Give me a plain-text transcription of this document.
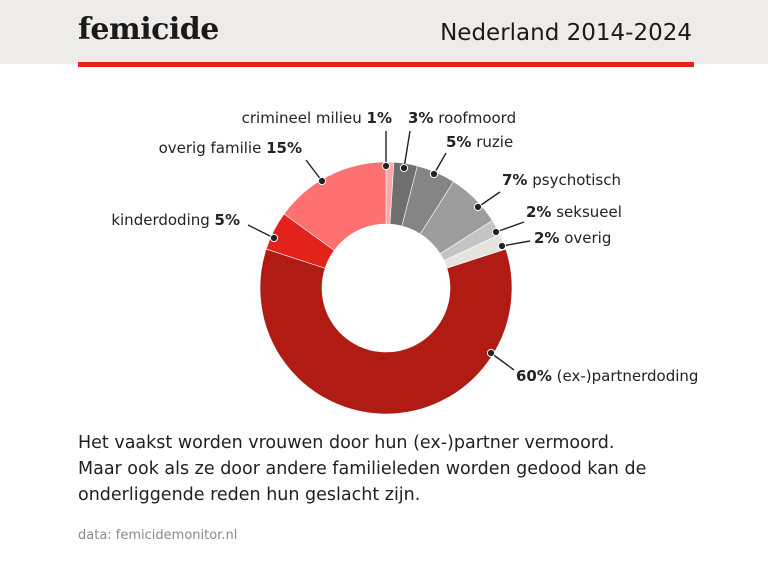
femicide	Nederland 2014-2024
crimineel milieu 1% 3% roofmoord
5% ruzie
7% psychotisch
2% seksueel
2% overig
60% (ex-)partnerdoding
kinderdoding 5%
overig familie 15%
Het vaakst worden vrouwen door hun (ex-)partner vermoord.
Maar ook als ze door andere familieleden worden gedood kan de
onderliggende reden hun geslacht zijn.
data: femicidemonitor.nl
